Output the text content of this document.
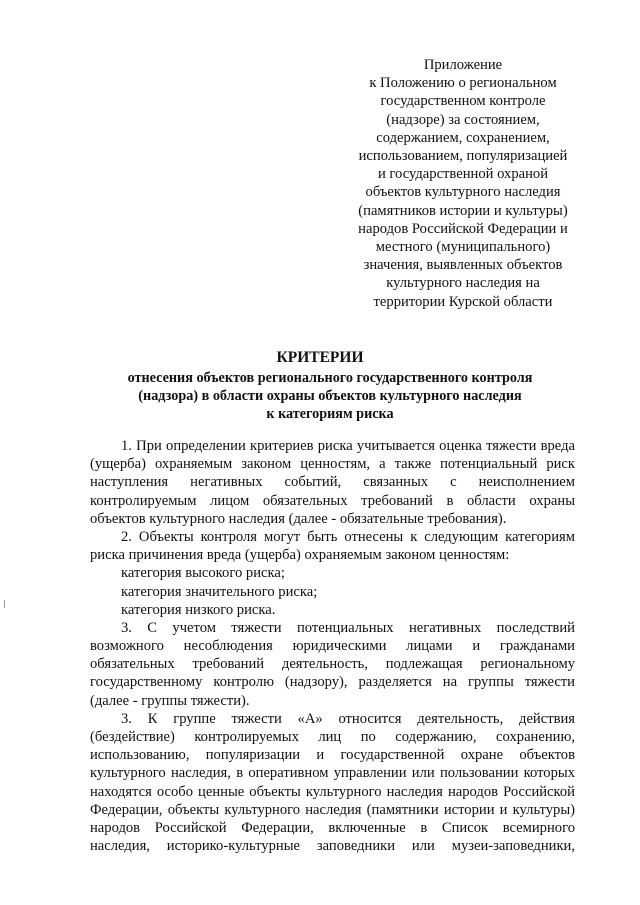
Приложение
к Положению о региональном
государственном контроле
(надзоре) за состоянием,
содержанием, сохранением,
использованием, популяризацией
и государственной охраной
объектов культурного наследия
(памятников истории и культуры)
народов Российской Федерации и
местного (муниципального)
значения, выявленных объектов
культурного наследия на
территории Курской области
КРИТЕРИИ
отнесения объектов регионального государственного контроля
(надзора) в области охраны объектов культурного наследия
к категориям риска
1. При определении критериев риска учитывается оценка тяжести вреда
(ущерба) охраняемым законом ценностям, а также потенциальный риск
наступления негативных событий, связанных с неисполнением
контролируемым лицом обязательных требований в области охраны
объектов культурного наследия (далее - обязательные требования).
2. Объекты контроля могут быть отнесены к следующим категориям
риска причинения вреда (ущерба) охраняемым законом ценностям:
категория высокого риска;
категория значительного риска;
категория низкого риска.
3. С учетом тяжести потенциальных негативных последствий
возможного несоблюдения юридическими лицами и гражданами
обязательных требований деятельность, подлежащая региональному
государственному контролю (надзору), разделяется на группы тяжести
(далее - группы тяжести).
3. К группе тяжести «А» относится деятельность, действия
(бездействие) контролируемых лиц по содержанию, сохранению,
использованию, популяризации и государственной охране объектов
культурного наследия, в оперативном управлении или пользовании которых
находятся особо ценные объекты культурного наследия народов Российской
Федерации, объекты культурного наследия (памятники истории и культуры)
народов Российской Федерации, включенные в Список всемирного
наследия, историко-культурные заповедники или музеи-заповедники,
